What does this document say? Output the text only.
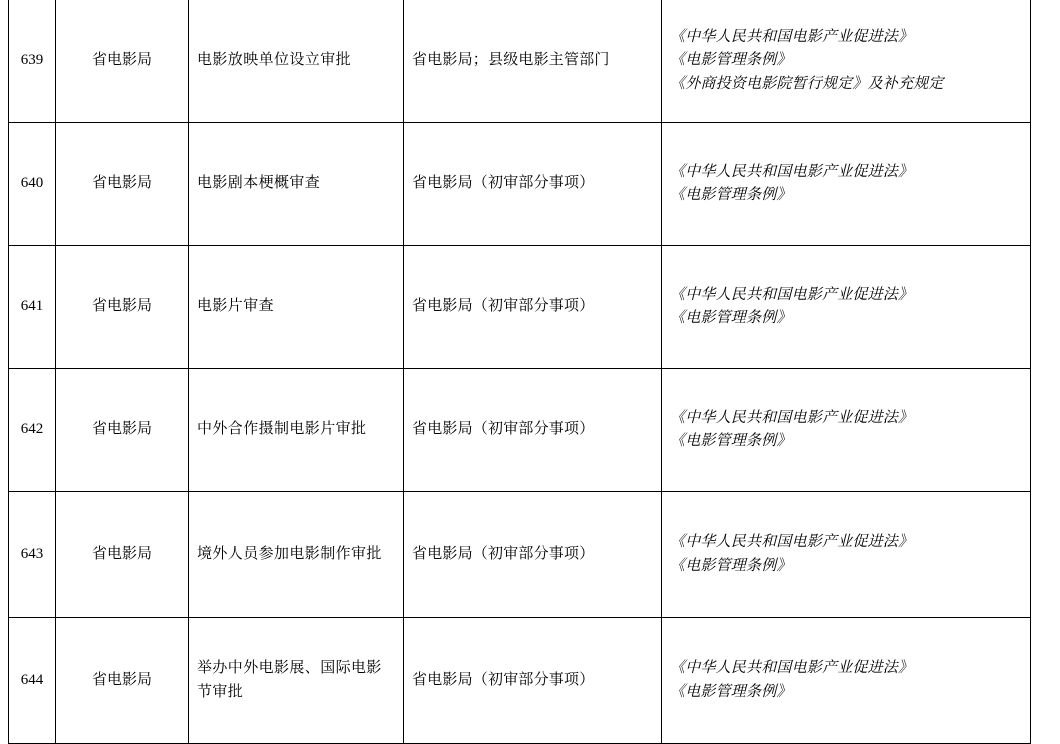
639	省电影局	电影放映单位设立审批	省电影局；县级电影主管部门	《中华人民共和国电影产业促进法》
《电影管理条例》
《外商投资电影院暂行规定》及补充规定

640	省电影局	电影剧本梗概审查	省电影局（初审部分事项）	《中华人民共和国电影产业促进法》
《电影管理条例》

641	省电影局	电影片审查	省电影局（初审部分事项）	《中华人民共和国电影产业促进法》
《电影管理条例》

642	省电影局	中外合作摄制电影片审批	省电影局（初审部分事项）	《中华人民共和国电影产业促进法》
《电影管理条例》

643	省电影局	境外人员参加电影制作审批	省电影局（初审部分事项）	《中华人民共和国电影产业促进法》
《电影管理条例》

644	省电影局	举办中外电影展、国际电影节审批	省电影局（初审部分事项）	《中华人民共和国电影产业促进法》
《电影管理条例》
